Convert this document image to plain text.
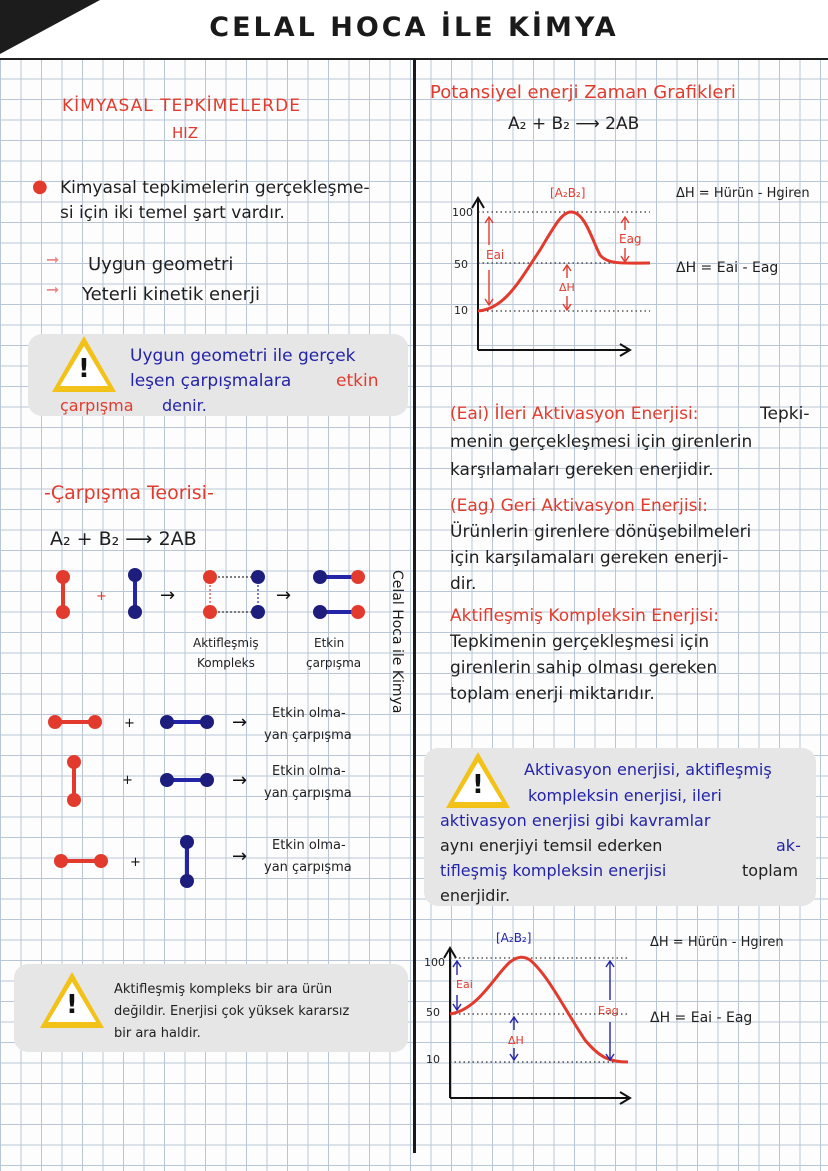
CELAL HOCA İLE KİMYA
Celal Hoca ile Kimya
KİMYASAL TEPKİMELERDE
HIZ
● Kimyasal tepkimelerin gerçekleşme-
si için iki temel şart vardır.
➞ Uygun geometri
➞ Yeterli kinetik enerji
! Uygun geometri ile gerçek
leşen çarpışmalara	etkin
çarpışma denir.
-Çarpışma Teorisi-
A₂ + B₂ ⟶ 2AB
Aktifleşmiş
Kompleks
Etkin
çarpışma
Etkin olma-
yan çarpışma
Etkin olma-
yan çarpışma
Etkin olma-
yan çarpışma
!
Aktifleşmiş kompleks bir ara ürün
değildir. Enerjisi çok yüksek kararsız
bir ara haldir.
Potansiyel enerji Zaman Grafikleri
A₂ + B₂ ⟶ 2AB
[A₂B₂]
100
50
10
Eai
Eag
ΔH
ΔH = Hürün - Hgiren
ΔH = Eai - Eag
(Eai) İleri Aktivasyon Enerjisi:	Tepki-
menin gerçekleşmesi için girenlerin
karşılamaları gereken enerjidir.
(Eag) Geri Aktivasyon Enerjisi:
Ürünlerin girenlere dönüşebilmeleri
için karşılamaları gereken enerji-
dir.
Aktifleşmiş Kompleksin Enerjisi:
Tepkimenin gerçekleşmesi için
girenlerin sahip olması gereken
toplam enerji miktarıdır.
!
Aktivasyon enerjisi, aktifleşmiş
kompleksin enerjisi, ileri
aktivasyon enerjisi gibi kavramlar
aynı enerjiyi temsil ederken	ak-
tifleşmiş kompleksin enerjisi	toplam
enerjidir.
[A₂B₂]
100
50
10
Eai
Eag
ΔH
ΔH = Hürün - Hgiren
ΔH = Eai - Eag
+	→	→
+	→
+	→
+	→
